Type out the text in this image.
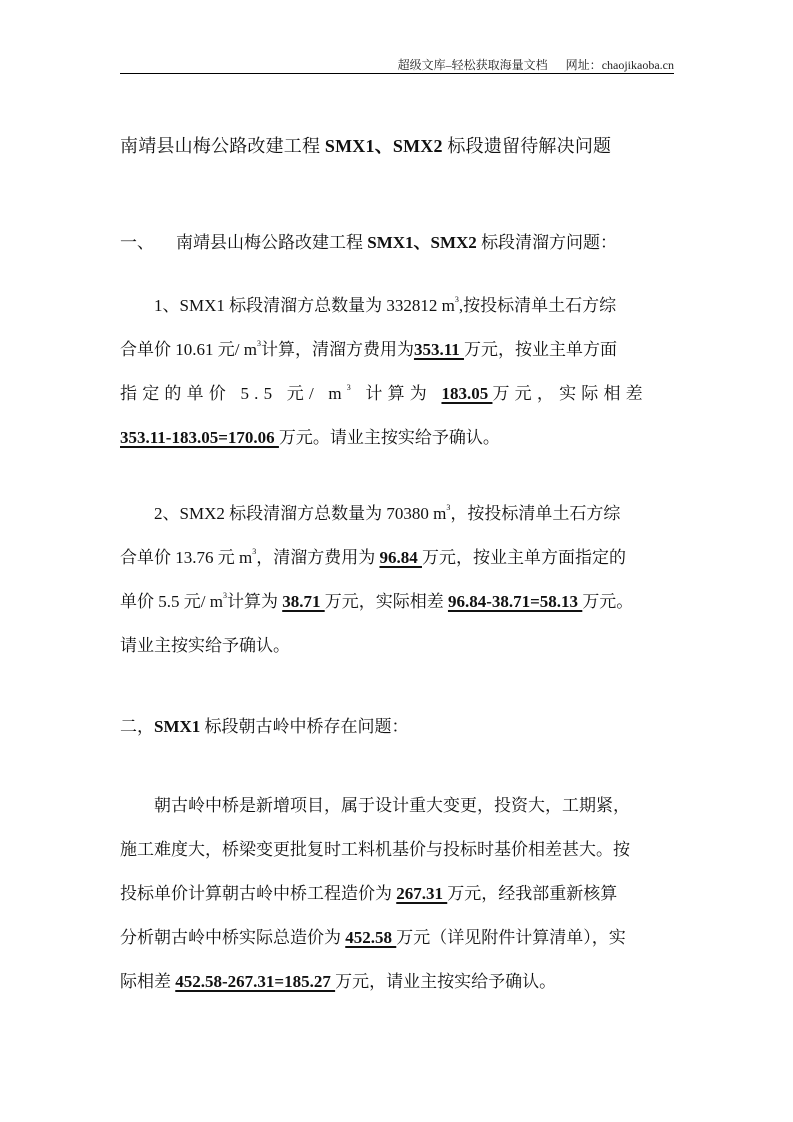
超级文库–轻松获取海量文档 网址：chaojikaoba.cn
南靖县山梅公路改建工程 SMX1、SMX2 标段遗留待解决问题
一、 南靖县山梅公路改建工程 SMX1、SMX2 标段清溜方问题：
1、SMX1 标段清溜方总数量为 332812 $m^3$,按投标清单土石方综
合单价 10.61 元/ $m^3$计算，清溜方费用为353.11 万元，按业主单方面
指定的单价 5.5 元/ $m^3$ 计算为 183.05 万元，实际相差
353.11-183.05=170.06 万元。请业主按实给予确认。
2、SMX2 标段清溜方总数量为 70380 $m^3$，按投标清单土石方综
合单价 13.76 元 $m^3$，清溜方费用为 96.84 万元，按业主单方面指定的
单价 5.5 元/ $m^3$计算为 38.71 万元，实际相差 96.84-38.71=58.13 万元。
请业主按实给予确认。
二，SMX1 标段朝古岭中桥存在问题：
朝古岭中桥是新增项目，属于设计重大变更，投资大，工期紧，
施工难度大，桥梁变更批复时工料机基价与投标时基价相差甚大。按
投标单价计算朝古岭中桥工程造价为 267.31 万元，经我部重新核算
分析朝古岭中桥实际总造价为 452.58 万元（详见附件计算清单），实
际相差 452.58-267.31=185.27 万元，请业主按实给予确认。
